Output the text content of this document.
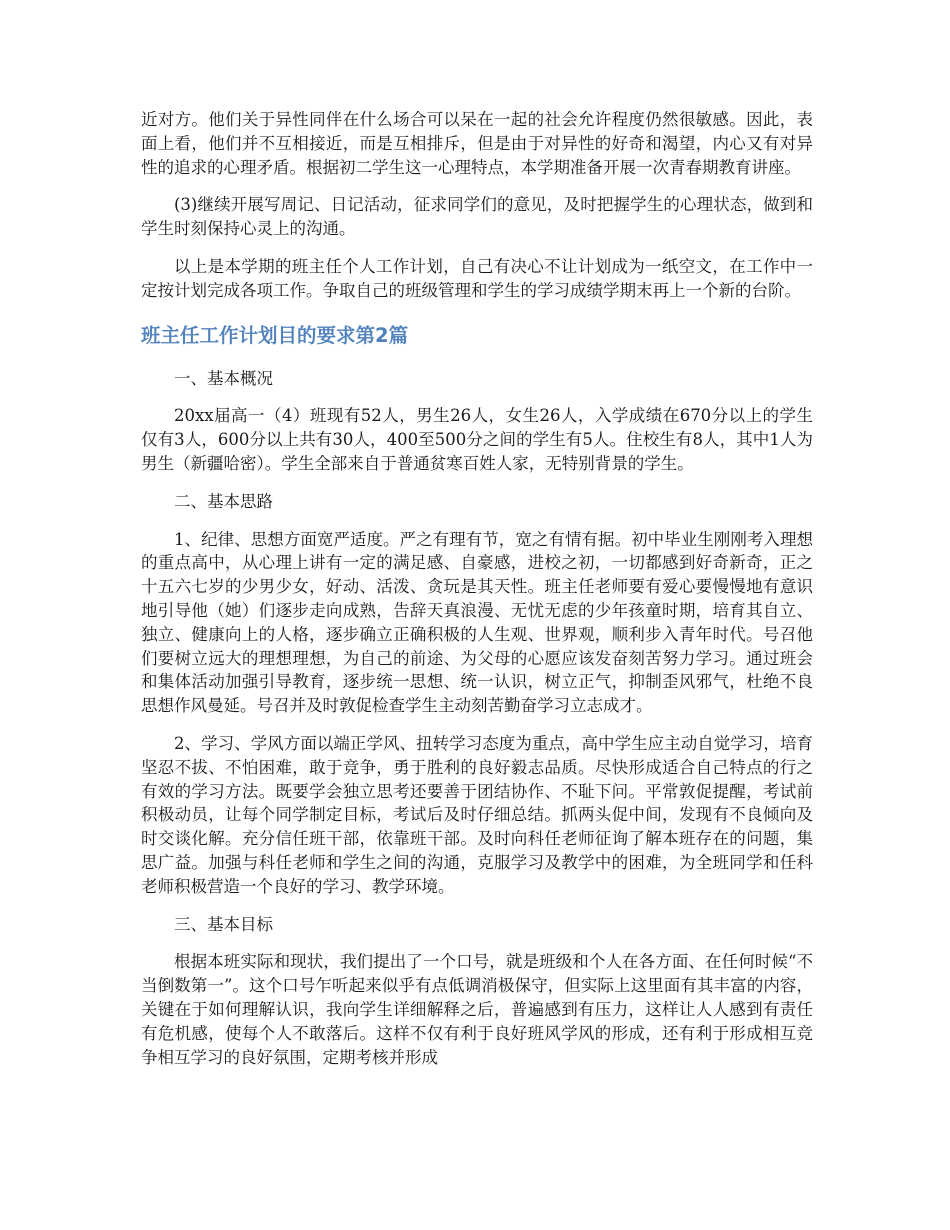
近对方。他们关于异性同伴在什么场合可以呆在一起的社会允许程度仍然很敏感。因此，表面上看，他们并不互相接近，而是互相排斥，但是由于对异性的好奇和渴望，内心又有对异性的追求的心理矛盾。根据初二学生这一心理特点，本学期准备开展一次青春期教育讲座。

(3)继续开展写周记、日记活动，征求同学们的意见，及时把握学生的心理状态，做到和学生时刻保持心灵上的沟通。

以上是本学期的班主任个人工作计划，自己有决心不让计划成为一纸空文，在工作中一定按计划完成各项工作。争取自己的班级管理和学生的学习成绩学期末再上一个新的台阶。

班主任工作计划目的要求第2篇

一、基本概况

20xx届高一（4）班现有52人，男生26人，女生26人，入学成绩在670分以上的学生仅有3人，600分以上共有30人，400至500分之间的学生有5人。住校生有8人，其中1人为男生（新疆哈密）。学生全部来自于普通贫寒百姓人家，无特别背景的学生。

二、基本思路

1、纪律、思想方面宽严适度。严之有理有节，宽之有情有据。初中毕业生刚刚考入理想的重点高中，从心理上讲有一定的满足感、自豪感，进校之初，一切都感到好奇新奇，正之十五六七岁的少男少女，好动、活泼、贪玩是其天性。班主任老师要有爱心要慢慢地有意识地引导他（她）们逐步走向成熟，告辞天真浪漫、无忧无虑的少年孩童时期，培育其自立、独立、健康向上的人格，逐步确立正确积极的人生观、世界观，顺利步入青年时代。号召他们要树立远大的理想理想，为自己的前途、为父母的心愿应该发奋刻苦努力学习。通过班会和集体活动加强引导教育，逐步统一思想、统一认识，树立正气，抑制歪风邪气，杜绝不良思想作风曼延。号召并及时敦促检查学生主动刻苦勤奋学习立志成才。

2、学习、学风方面以端正学风、扭转学习态度为重点，高中学生应主动自觉学习，培育坚忍不拔、不怕困难，敢于竞争，勇于胜利的良好毅志品质。尽快形成适合自己特点的行之有效的学习方法。既要学会独立思考还要善于团结协作、不耻下问。平常敦促提醒，考试前积极动员，让每个同学制定目标，考试后及时仔细总结。抓两头促中间，发现有不良倾向及时交谈化解。充分信任班干部，依靠班干部。及时向科任老师征询了解本班存在的问题，集思广益。加强与科任老师和学生之间的沟通，克服学习及教学中的困难，为全班同学和任科老师积极营造一个良好的学习、教学环境。

三、基本目标

根据本班实际和现状，我们提出了一个口号，就是班级和个人在各方面、在任何时候“不当倒数第一”。这个口号乍听起来似乎有点低调消极保守，但实际上这里面有其丰富的内容，关键在于如何理解认识，我向学生详细解释之后，普遍感到有压力，这样让人人感到有责任有危机感，使每个人不敢落后。这样不仅有利于良好班风学风的形成，还有利于形成相互竞争相互学习的良好氛围，定期考核并形成
